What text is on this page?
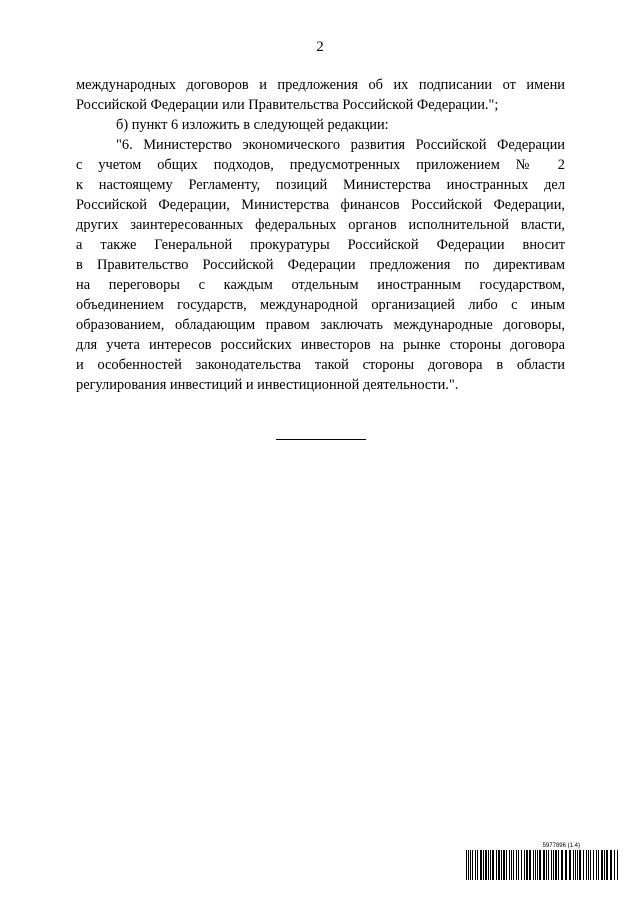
2
международных договоров и предложения об их подписании от имени
Российской Федерации или Правительства Российской Федерации.";
б) пункт 6 изложить в следующей редакции:
"6. Министерство экономического развития Российской Федерации
с учетом общих подходов, предусмотренных приложением № 2
к настоящему Регламенту, позиций Министерства иностранных дел
Российской Федерации, Министерства финансов Российской Федерации,
других заинтересованных федеральных органов исполнительной власти,
а также Генеральной прокуратуры Российской Федерации вносит
в Правительство Российской Федерации предложения по директивам
на переговоры с каждым отдельным иностранным государством,
объединением государств, международной организацией либо с иным
образованием, обладающим правом заключать международные договоры,
для учета интересов российских инвесторов на рынке стороны договора
и особенностей законодательства такой стороны договора в области
регулирования инвестиций и инвестиционной деятельности.".
5977896 (1.4)
